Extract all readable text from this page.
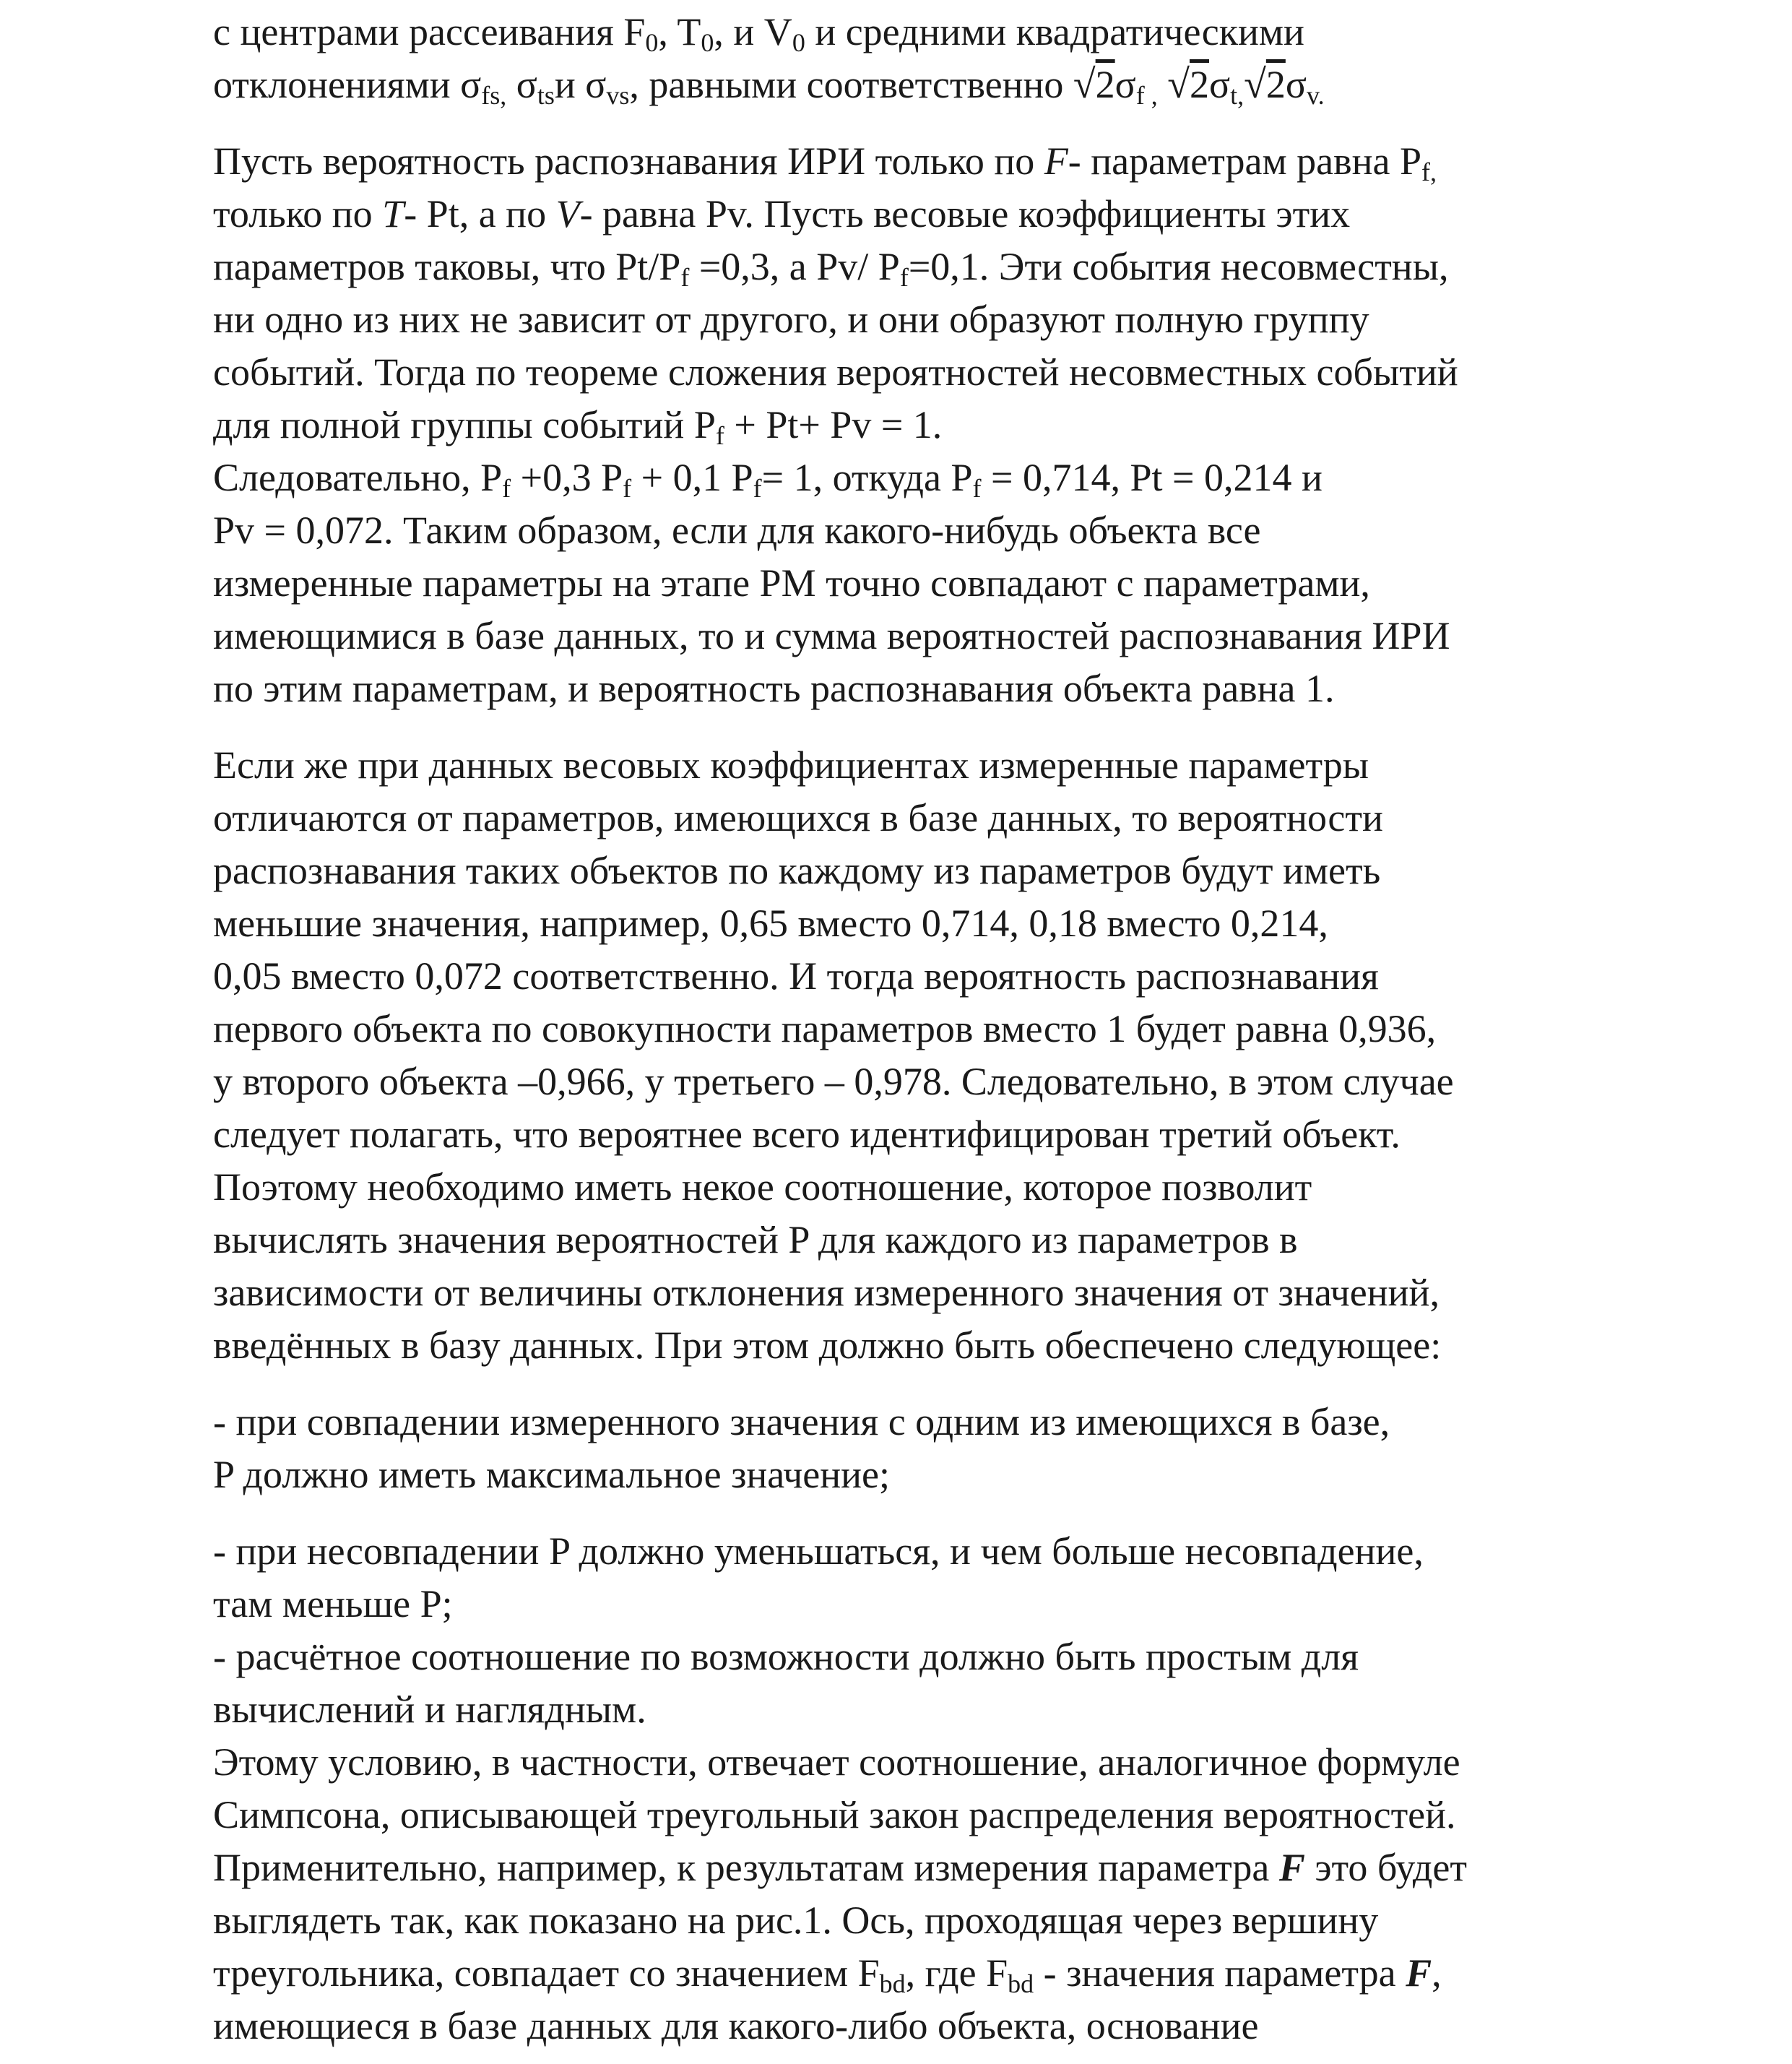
с центрами рассеивания $F_0$, $T_0$, и $V_0$ и средними квадратическими
отклонениями $\sigma_{fs,}$ $\sigma_{ts}и$ $\sigma_{vs}$, равными соответственно $√2\sigma_{f ,}$ $√2\sigma_{t,}√2\sigma_{v.}$
Пусть вероятность распознавания ИРИ только по F- параметрам равна $P_{f,}$
только по T- Pt, а по V- равна Pv. Пусть весовые коэффициенты этих
параметров таковы, что $Pt/P_f =0,3$, а Pv/ $P_f=0,1$. Эти события несовместны,
ни одно из них не зависит от другого, и они образуют полную группу
событий. Тогда по теореме сложения вероятностей несовместных событий
для полной группы событий $P_f + Pt+ Pv = 1$.
Следовательно, $P_f +0,3$ $P_f + 0,1$ $P_f= 1$, откуда $P_f = 0,714$, Pt = 0,214 и
Pv = 0,072. Таким образом, если для какого-нибудь объекта все
измеренные параметры на этапе РМ точно совпадают с параметрами,
имеющимися в базе данных, то и сумма вероятностей распознавания ИРИ
по этим параметрам, и вероятность распознавания объекта равна 1.
Если же при данных весовых коэффициентах измеренные параметры
отличаются от параметров, имеющихся в базе данных, то вероятности
распознавания таких объектов по каждому из параметров будут иметь
меньшие значения, например, 0,65 вместо 0,714, 0,18 вместо 0,214,
0,05 вместо 0,072 соответственно. И тогда вероятность распознавания
первого объекта по совокупности параметров вместо 1 будет равна 0,936,
у второго объекта –0,966, у третьего – 0,978. Следовательно, в этом случае
следует полагать, что вероятнее всего идентифицирован третий объект.
Поэтому необходимо иметь некое соотношение, которое позволит
вычислять значения вероятностей P для каждого из параметров в
зависимости от величины отклонения измеренного значения от значений,
введённых в базу данных. При этом должно быть обеспечено следующее:
- при совпадении измеренного значения с одним из имеющихся в базе,
P должно иметь максимальное значение;
- при несовпадении P должно уменьшаться, и чем больше несовпадение,
там меньше P;
- расчётное соотношение по возможности должно быть простым для
вычислений и наглядным.
Этому условию, в частности, отвечает соотношение, аналогичное формуле
Симпсона, описывающей треугольный закон распределения вероятностей.
Применительно, например, к результатам измерения параметра F это будет
выглядеть так, как показано на рис.1. Ось, проходящая через вершину
треугольника, совпадает со значением $F_{bd}$, где $F_{bd}$ - значения параметра F,
имеющиеся в базе данных для какого-либо объекта, основание
